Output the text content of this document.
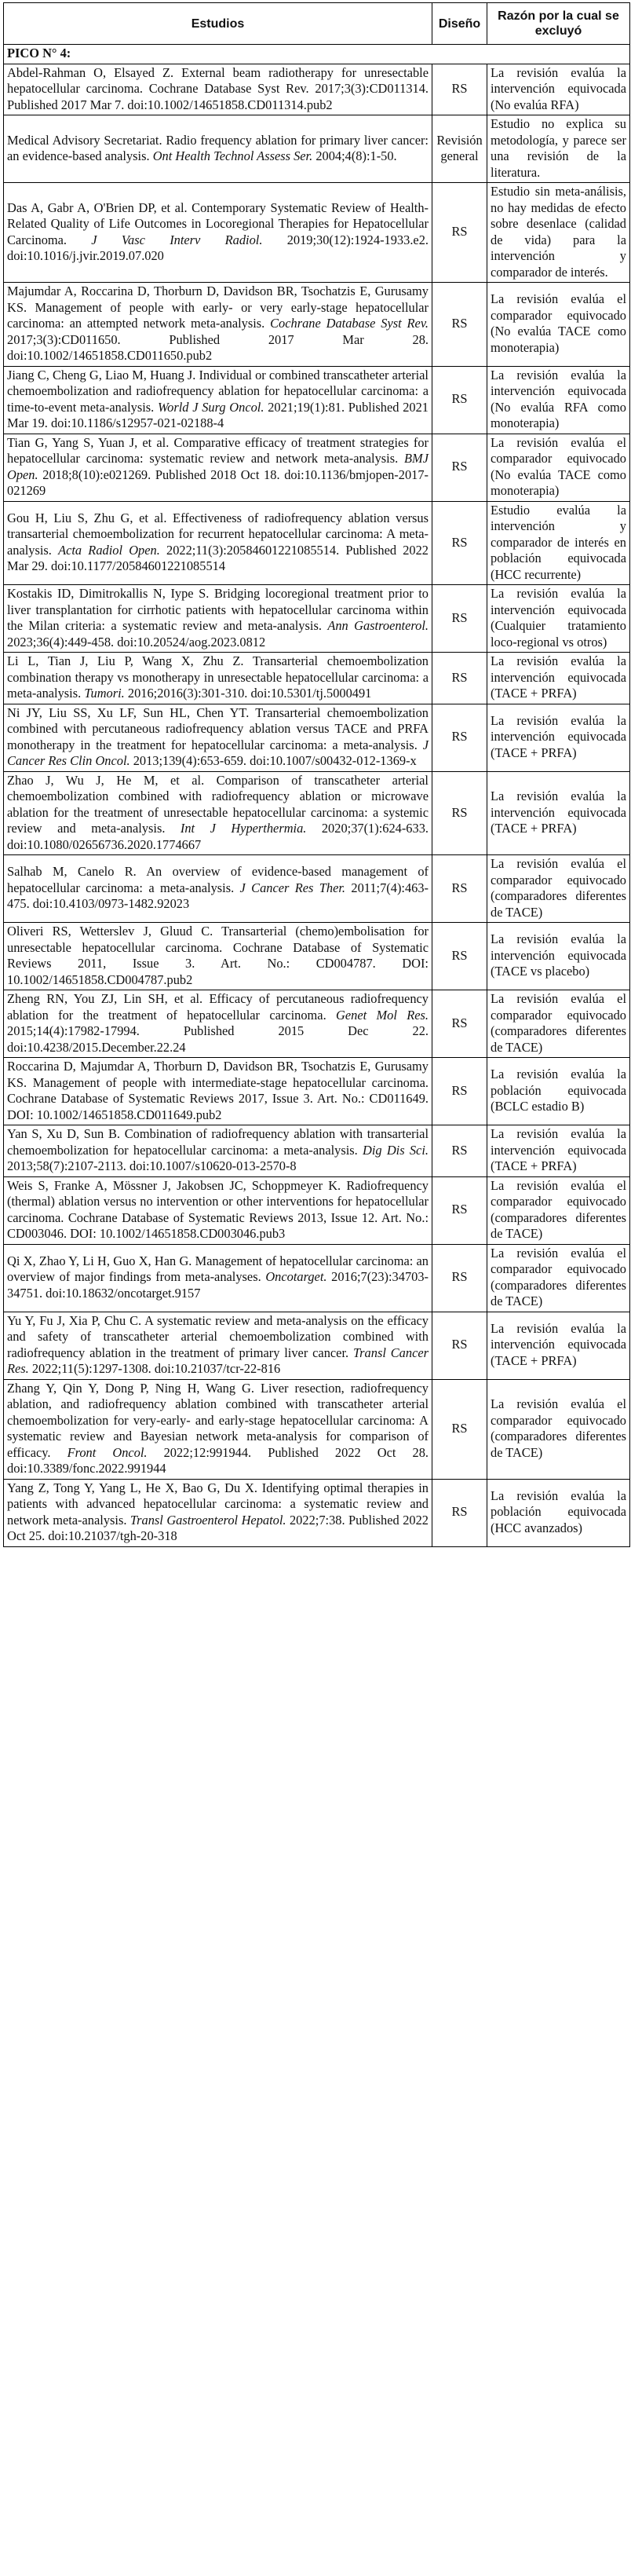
Estudios	Diseño	Razón por la cual se excluyó
PICO N° 4:		
Abdel-Rahman O, Elsayed Z. External beam radiotherapy for unresectable hepatocellular carcinoma. Cochrane Database Syst Rev. 2017;3(3):CD011314. Published 2017 Mar 7. doi:10.1002/14651858.CD011314.pub2	RS	La revisión evalúa la intervención equivocada (No evalúa RFA)
Medical Advisory Secretariat. Radio frequency ablation for primary liver cancer: an evidence-based analysis. Ont Health Technol Assess Ser. 2004;4(8):1-50.	Revisión general	Estudio no explica su metodología, y parece ser una revisión de la literatura.
Das A, Gabr A, O'Brien DP, et al. Contemporary Systematic Review of Health-Related Quality of Life Outcomes in Locoregional Therapies for Hepatocellular Carcinoma. J Vasc Interv Radiol. 2019;30(12):1924-1933.e2. doi:10.1016/j.jvir.2019.07.020	RS	Estudio sin meta-análisis, no hay medidas de efecto sobre desenlace (calidad de vida) para la intervención y comparador de interés.
Majumdar A, Roccarina D, Thorburn D, Davidson BR, Tsochatzis E, Gurusamy KS. Management of people with early- or very early-stage hepatocellular carcinoma: an attempted network meta-analysis. Cochrane Database Syst Rev. 2017;3(3):CD011650. Published 2017 Mar 28. doi:10.1002/14651858.CD011650.pub2	RS	La revisión evalúa el comparador equivocado (No evalúa TACE como monoterapia)
Jiang C, Cheng G, Liao M, Huang J. Individual or combined transcatheter arterial chemoembolization and radiofrequency ablation for hepatocellular carcinoma: a time-to-event meta-analysis. World J Surg Oncol. 2021;19(1):81. Published 2021 Mar 19. doi:10.1186/s12957-021-02188-4	RS	La revisión evalúa la intervención equivocada (No evalúa RFA como monoterapia)
Tian G, Yang S, Yuan J, et al. Comparative efficacy of treatment strategies for hepatocellular carcinoma: systematic review and network meta-analysis. BMJ Open. 2018;8(10):e021269. Published 2018 Oct 18. doi:10.1136/bmjopen-2017-021269	RS	La revisión evalúa el comparador equivocado (No evalúa TACE como monoterapia)
Gou H, Liu S, Zhu G, et al. Effectiveness of radiofrequency ablation versus transarterial chemoembolization for recurrent hepatocellular carcinoma: A meta-analysis. Acta Radiol Open. 2022;11(3):20584601221085514. Published 2022 Mar 29. doi:10.1177/20584601221085514	RS	Estudio evalúa la intervención y comparador de interés en población equivocada (HCC recurrente)
Kostakis ID, Dimitrokallis N, Iype S. Bridging locoregional treatment prior to liver transplantation for cirrhotic patients with hepatocellular carcinoma within the Milan criteria: a systematic review and meta-analysis. Ann Gastroenterol. 2023;36(4):449-458. doi:10.20524/aog.2023.0812	RS	La revisión evalúa la intervención equivocada (Cualquier tratamiento loco-regional vs otros)
Li L, Tian J, Liu P, Wang X, Zhu Z. Transarterial chemoembolization combination therapy vs monotherapy in unresectable hepatocellular carcinoma: a meta-analysis. Tumori. 2016;2016(3):301-310. doi:10.5301/tj.5000491	RS	La revisión evalúa la intervención equivocada (TACE + PRFA)
Ni JY, Liu SS, Xu LF, Sun HL, Chen YT. Transarterial chemoembolization combined with percutaneous radiofrequency ablation versus TACE and PRFA monotherapy in the treatment for hepatocellular carcinoma: a meta-analysis. J Cancer Res Clin Oncol. 2013;139(4):653-659. doi:10.1007/s00432-012-1369-x	RS	La revisión evalúa la intervención equivocada (TACE + PRFA)
Zhao J, Wu J, He M, et al. Comparison of transcatheter arterial chemoembolization combined with radiofrequency ablation or microwave ablation for the treatment of unresectable hepatocellular carcinoma: a systemic review and meta-analysis. Int J Hyperthermia. 2020;37(1):624-633. doi:10.1080/02656736.2020.1774667	RS	La revisión evalúa la intervención equivocada (TACE + PRFA)
Salhab M, Canelo R. An overview of evidence-based management of hepatocellular carcinoma: a meta-analysis. J Cancer Res Ther. 2011;7(4):463-475. doi:10.4103/0973-1482.92023	RS	La revisión evalúa el comparador equivocado (comparadores diferentes de TACE)
Oliveri RS, Wetterslev J, Gluud C. Transarterial (chemo)embolisation for unresectable hepatocellular carcinoma. Cochrane Database of Systematic Reviews 2011, Issue 3. Art. No.: CD004787. DOI: 10.1002/14651858.CD004787.pub2	RS	La revisión evalúa la intervención equivocada (TACE vs placebo)
Zheng RN, You ZJ, Lin SH, et al. Efficacy of percutaneous radiofrequency ablation for the treatment of hepatocellular carcinoma. Genet Mol Res. 2015;14(4):17982-17994. Published 2015 Dec 22. doi:10.4238/2015.December.22.24	RS	La revisión evalúa el comparador equivocado (comparadores diferentes de TACE)
Roccarina D, Majumdar A, Thorburn D, Davidson BR, Tsochatzis E, Gurusamy KS. Management of people with intermediate-stage hepatocellular carcinoma. Cochrane Database of Systematic Reviews 2017, Issue 3. Art. No.: CD011649. DOI: 10.1002/14651858.CD011649.pub2	RS	La revisión evalúa la población equivocada (BCLC estadio B)
Yan S, Xu D, Sun B. Combination of radiofrequency ablation with transarterial chemoembolization for hepatocellular carcinoma: a meta-analysis. Dig Dis Sci. 2013;58(7):2107-2113. doi:10.1007/s10620-013-2570-8	RS	La revisión evalúa la intervención equivocada (TACE + PRFA)
Weis S, Franke A, Mössner J, Jakobsen JC, Schoppmeyer K. Radiofrequency (thermal) ablation versus no intervention or other interventions for hepatocellular carcinoma. Cochrane Database of Systematic Reviews 2013, Issue 12. Art. No.: CD003046. DOI: 10.1002/14651858.CD003046.pub3	RS	La revisión evalúa el comparador equivocado (comparadores diferentes de TACE)
Qi X, Zhao Y, Li H, Guo X, Han G. Management of hepatocellular carcinoma: an overview of major findings from meta-analyses. Oncotarget. 2016;7(23):34703-34751. doi:10.18632/oncotarget.9157	RS	La revisión evalúa el comparador equivocado (comparadores diferentes de TACE)
Yu Y, Fu J, Xia P, Chu C. A systematic review and meta-analysis on the efficacy and safety of transcatheter arterial chemoembolization combined with radiofrequency ablation in the treatment of primary liver cancer. Transl Cancer Res. 2022;11(5):1297-1308. doi:10.21037/tcr-22-816	RS	La revisión evalúa la intervención equivocada (TACE + PRFA)
Zhang Y, Qin Y, Dong P, Ning H, Wang G. Liver resection, radiofrequency ablation, and radiofrequency ablation combined with transcatheter arterial chemoembolization for very-early- and early-stage hepatocellular carcinoma: A systematic review and Bayesian network meta-analysis for comparison of efficacy. Front Oncol. 2022;12:991944. Published 2022 Oct 28. doi:10.3389/fonc.2022.991944	RS	La revisión evalúa el comparador equivocado (comparadores diferentes de TACE)
Yang Z, Tong Y, Yang L, He X, Bao G, Du X. Identifying optimal therapies in patients with advanced hepatocellular carcinoma: a systematic review and network meta-analysis. Transl Gastroenterol Hepatol. 2022;7:38. Published 2022 Oct 25. doi:10.21037/tgh-20-318	RS	La revisión evalúa la población equivocada (HCC avanzados)
